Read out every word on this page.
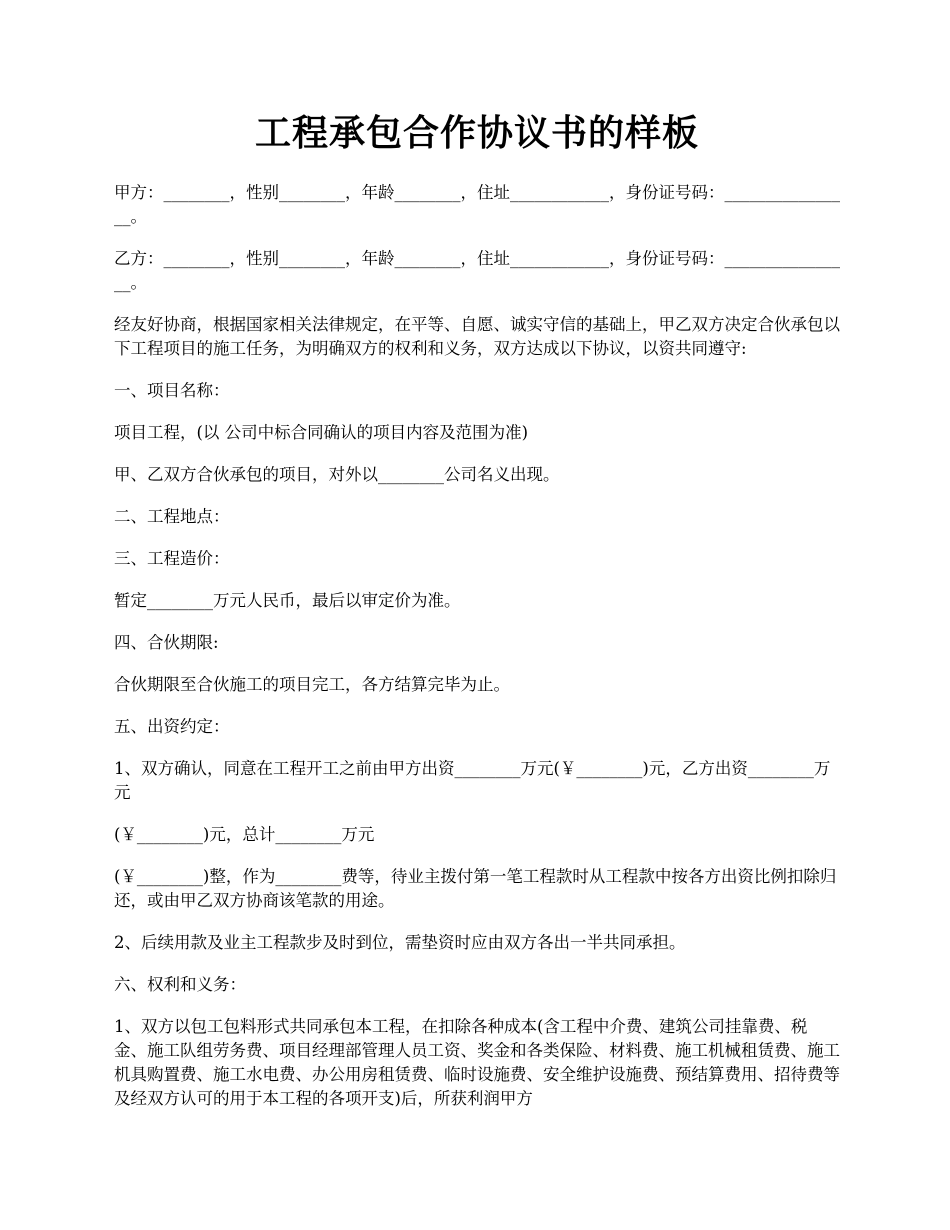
工程承包合作协议书的样板

甲方：________，性别________，年龄________，住址____________，身份证号码：________________。

乙方：________，性别________，年龄________，住址____________，身份证号码：________________。

经友好协商，根据国家相关法律规定，在平等、自愿、诚实守信的基础上，甲乙双方决定合伙承包以下工程项目的施工任务，为明确双方的权利和义务，双方达成以下协议，以资共同遵守:

一、项目名称：

项目工程，(以 公司中标合同确认的项目内容及范围为准)

甲、乙双方合伙承包的项目，对外以________公司名义出现。

二、工程地点：

三、工程造价：

暂定________万元人民币，最后以审定价为准。

四、合伙期限:

合伙期限至合伙施工的项目完工，各方结算完毕为止。

五、出资约定：

1、双方确认，同意在工程开工之前由甲方出资________万元(￥________)元，乙方出资________万元

(￥________)元，总计________万元

(￥________)整，作为________费等，待业主拨付第一笔工程款时从工程款中按各方出资比例扣除归还，或由甲乙双方协商该笔款的用途。

2、后续用款及业主工程款步及时到位，需垫资时应由双方各出一半共同承担。

六、权利和义务：

1、双方以包工包料形式共同承包本工程，在扣除各种成本(含工程中介费、建筑公司挂靠费、税金、施工队组劳务费、项目经理部管理人员工资、奖金和各类保险、材料费、施工机械租赁费、施工机具购置费、施工水电费、办公用房租赁费、临时设施费、安全维护设施费、预结算费用、招待费等及经双方认可的用于本工程的各项开支)后，所获利润甲方
